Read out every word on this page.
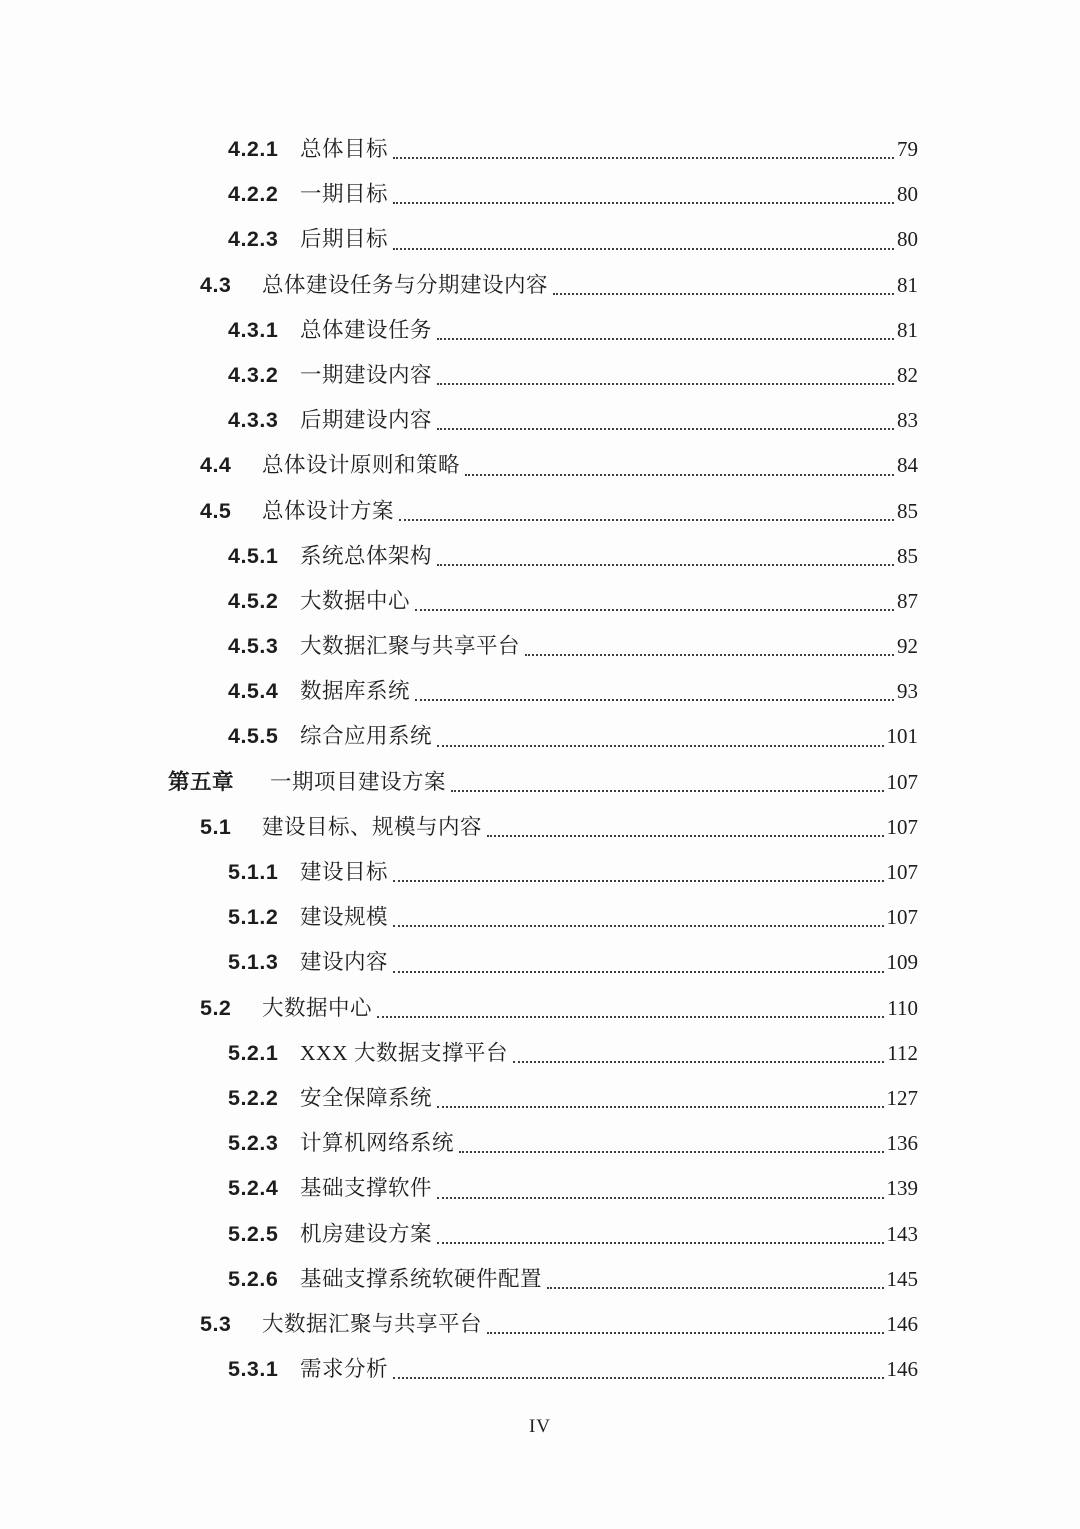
4.2.1	总体目标	79
4.2.2	一期目标	80
4.2.3	后期目标	80
4.3	总体建设任务与分期建设内容	81
4.3.1	总体建设任务	81
4.3.2	一期建设内容	82
4.3.3	后期建设内容	83
4.4	总体设计原则和策略	84
4.5	总体设计方案	85
4.5.1	系统总体架构	85
4.5.2	大数据中心	87
4.5.3	大数据汇聚与共享平台	92
4.5.4	数据库系统	93
4.5.5	综合应用系统	101
第五章	一期项目建设方案	107
5.1	建设目标、规模与内容	107
5.1.1	建设目标	107
5.1.2	建设规模	107
5.1.3	建设内容	109
5.2	大数据中心	110
5.2.1	XXX 大数据支撑平台	112
5.2.2	安全保障系统	127
5.2.3	计算机网络系统	136
5.2.4	基础支撑软件	139
5.2.5	机房建设方案	143
5.2.6	基础支撑系统软硬件配置	145
5.3	大数据汇聚与共享平台	146
5.3.1	需求分析	146
IV
